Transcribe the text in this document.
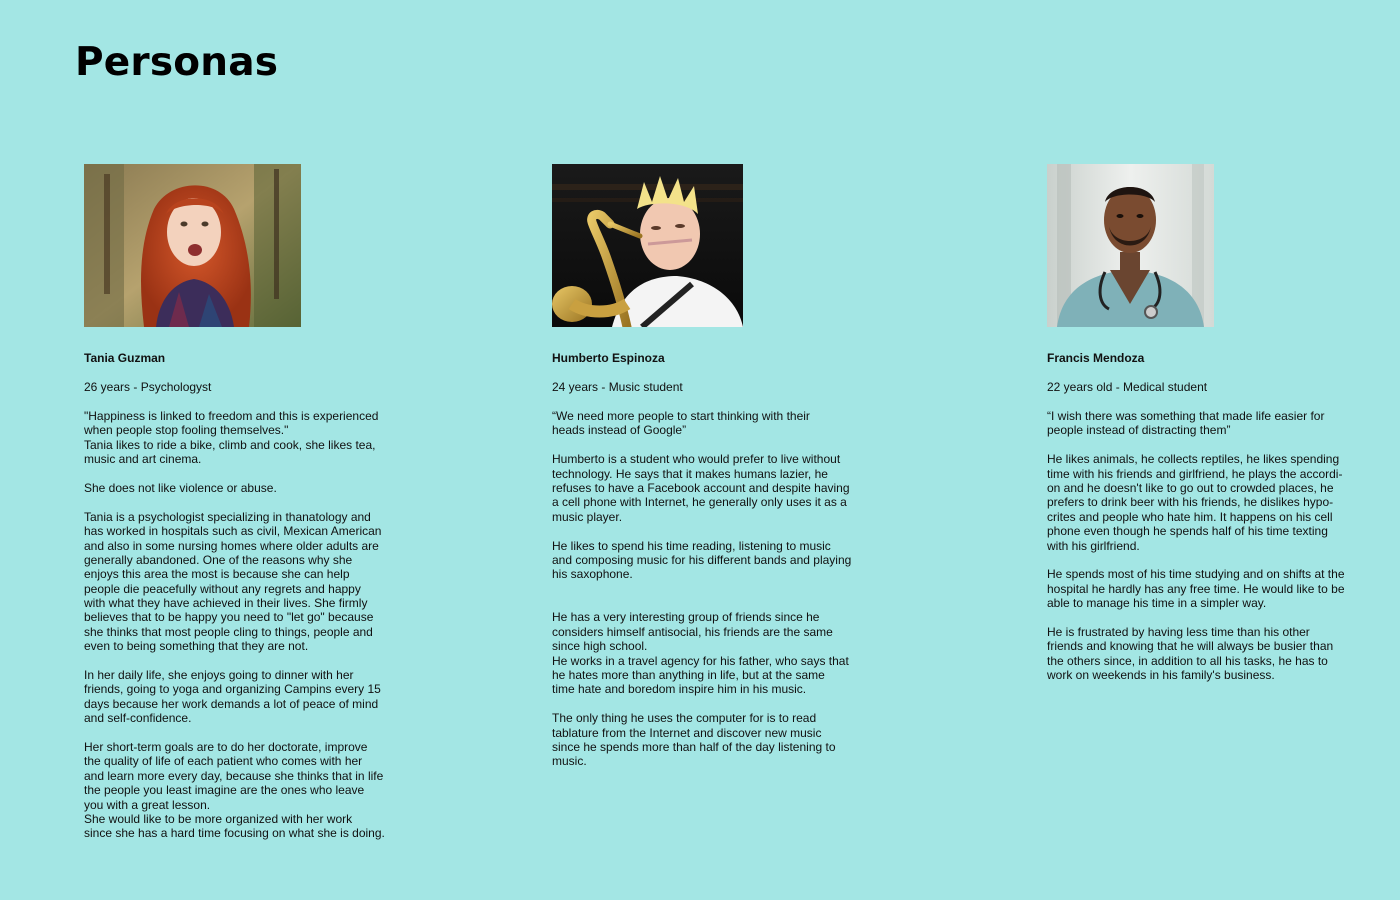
Personas
Tania Guzman
26 years - Psychologyst
"Happiness is linked to freedom and this is experienced
when people stop fooling themselves."
Tania likes to ride a bike, climb and cook, she likes tea,
music and art cinema.
She does not like violence or abuse.
Tania is a psychologist specializing in thanatology and
has worked in hospitals such as civil, Mexican American
and also in some nursing homes where older adults are
generally abandoned. One of the reasons why she
enjoys this area the most is because she can help
people die peacefully without any regrets and happy
with what they have achieved in their lives. She firmly
believes that to be happy you need to "let go" because
she thinks that most people cling to things, people and
even to being something that they are not.
In her daily life, she enjoys going to dinner with her
friends, going to yoga and organizing Campins every 15
days because her work demands a lot of peace of mind
and self-confidence.
Her short-term goals are to do her doctorate, improve
the quality of life of each patient who comes with her
and learn more every day, because she thinks that in life
the people you least imagine are the ones who leave
you with a great lesson.
She would like to be more organized with her work
since she has a hard time focusing on what she is doing.
Humberto Espinoza
24 years - Music student
“We need more people to start thinking with their
heads instead of Google”
Humberto is a student who would prefer to live without
technology. He says that it makes humans lazier, he
refuses to have a Facebook account and despite having
a cell phone with Internet, he generally only uses it as a
music player.
He likes to spend his time reading, listening to music
and composing music for his different bands and playing
his saxophone.
He has a very interesting group of friends since he
considers himself antisocial, his friends are the same
since high school.
He works in a travel agency for his father, who says that
he hates more than anything in life, but at the same
time hate and boredom inspire him in his music.
The only thing he uses the computer for is to read
tablature from the Internet and discover new music
since he spends more than half of the day listening to
music.
Francis Mendoza
22 years old - Medical student
“I wish there was something that made life easier for
people instead of distracting them”
He likes animals, he collects reptiles, he likes spending
time with his friends and girlfriend, he plays the accordi-
on and he doesn't like to go out to crowded places, he
prefers to drink beer with his friends, he dislikes hypo-
crites and people who hate him. It happens on his cell
phone even though he spends half of his time texting
with his girlfriend.
He spends most of his time studying and on shifts at the
hospital he hardly has any free time. He would like to be
able to manage his time in a simpler way.
He is frustrated by having less time than his other
friends and knowing that he will always be busier than
the others since, in addition to all his tasks, he has to
work on weekends in his family's business.
